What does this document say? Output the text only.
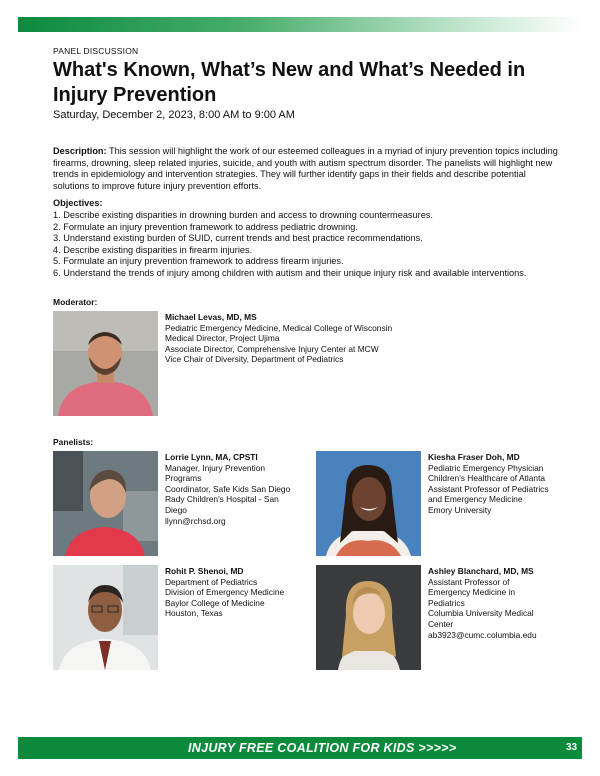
PANEL DISCUSSION
What's Known, What’s New and What’s Needed in Injury Prevention
Saturday, December 2, 2023, 8:00 AM to 9:00 AM

Description: This session will highlight the work of our esteemed colleagues in a myriad of injury prevention topics including firearms, drowning, sleep related injuries, suicide, and youth with autism spectrum disorder. The panelists will highlight new trends in epidemiology and intervention strategies. They will further identify gaps in their fields and describe potential solutions to improve future injury prevention efforts.

Objectives:
1. Describe existing disparities in drowning burden and access to drowning countermeasures.
2. Formulate an injury prevention framework to address pediatric drowning.
3. Understand existing burden of SUID, current trends and best practice recommendations.
4. Describe existing disparities in firearm injuries.
5. Formulate an injury prevention framework to address firearm injuries.
6. Understand the trends of injury among children with autism and their unique injury risk and available interventions.
Moderator:
Michael Levas, MD, MS
Pediatric Emergency Medicine, Medical College of Wisconsin
Medical Director, Project Ujima
Associate Director, Comprehensive Injury Center at MCW
Vice Chair of Diversity, Department of Pediatrics
Panelists:
Lorrie Lynn, MA, CPSTI
Manager, Injury Prevention
Programs
Coordinator, Safe Kids San Diego
Rady Children's Hospital - San
Diego
llynn@rchsd.org
Kiesha Fraser Doh, MD
Pediatric Emergency Physician
Children's Healthcare of Atlanta
Assistant Professor of Pediatrics
and Emergency Medicine
Emory University
Rohit P. Shenoi, MD
Department of Pediatrics
Division of Emergency Medicine
Baylor College of Medicine
Houston, Texas
Ashley Blanchard, MD, MS
Assistant Professor of
Emergency Medicine in
Pediatrics
Columbia University Medical
Center
ab3923@cumc.columbia.edu
INJURY FREE COALITION FOR KIDS >>>>>	33
